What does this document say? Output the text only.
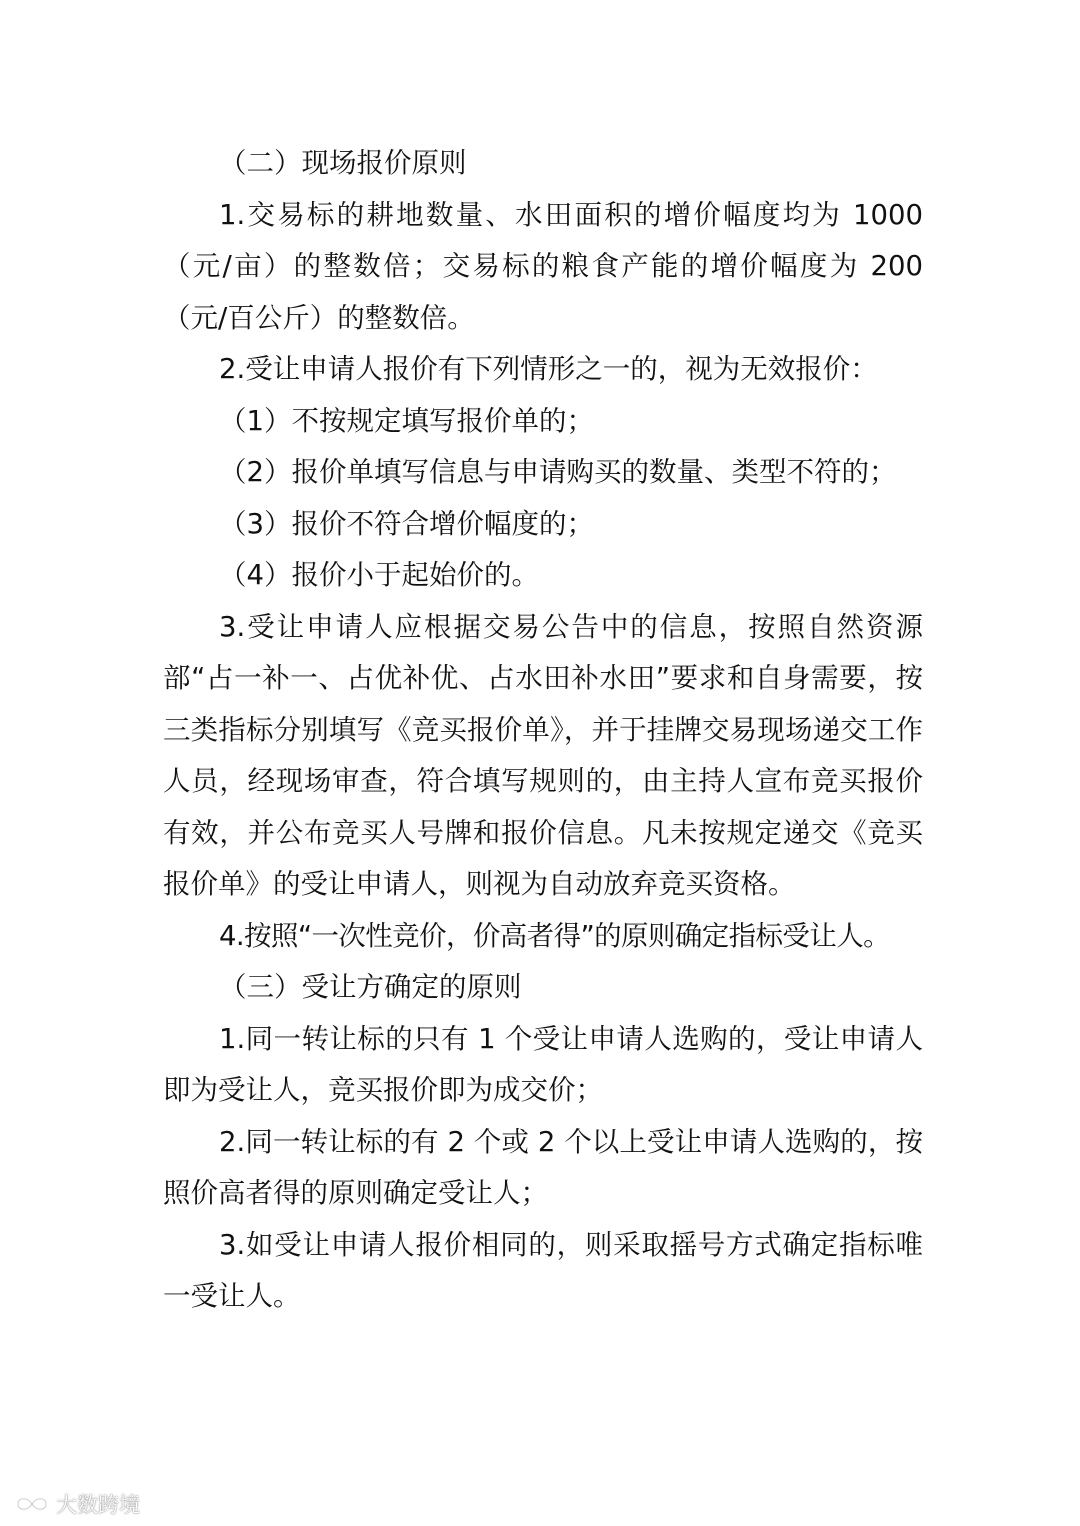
（二）现场报价原则

1.交易标的耕地数量、水田面积的增价幅度均为 1000（元/亩）的整数倍；交易标的粮食产能的增价幅度为 200（元/百公斤）的整数倍。

2.受让申请人报价有下列情形之一的，视为无效报价：

（1）不按规定填写报价单的；

（2）报价单填写信息与申请购买的数量、类型不符的；

（3）报价不符合增价幅度的；

（4）报价小于起始价的。

3.受让申请人应根据交易公告中的信息，按照自然资源部“占一补一、占优补优、占水田补水田”要求和自身需要，按三类指标分别填写《竞买报价单》，并于挂牌交易现场递交工作人员，经现场审查，符合填写规则的，由主持人宣布竞买报价有效，并公布竞买人号牌和报价信息。凡未按规定递交《竞买报价单》的受让申请人，则视为自动放弃竞买资格。

4.按照“一次性竞价，价高者得”的原则确定指标受让人。

（三）受让方确定的原则

1.同一转让标的只有 1 个受让申请人选购的，受让申请人即为受让人，竞买报价即为成交价；

2.同一转让标的有 2 个或 2 个以上受让申请人选购的，按照价高者得的原则确定受让人；

3.如受让申请人报价相同的，则采取摇号方式确定指标唯一受让人。

大数跨境
